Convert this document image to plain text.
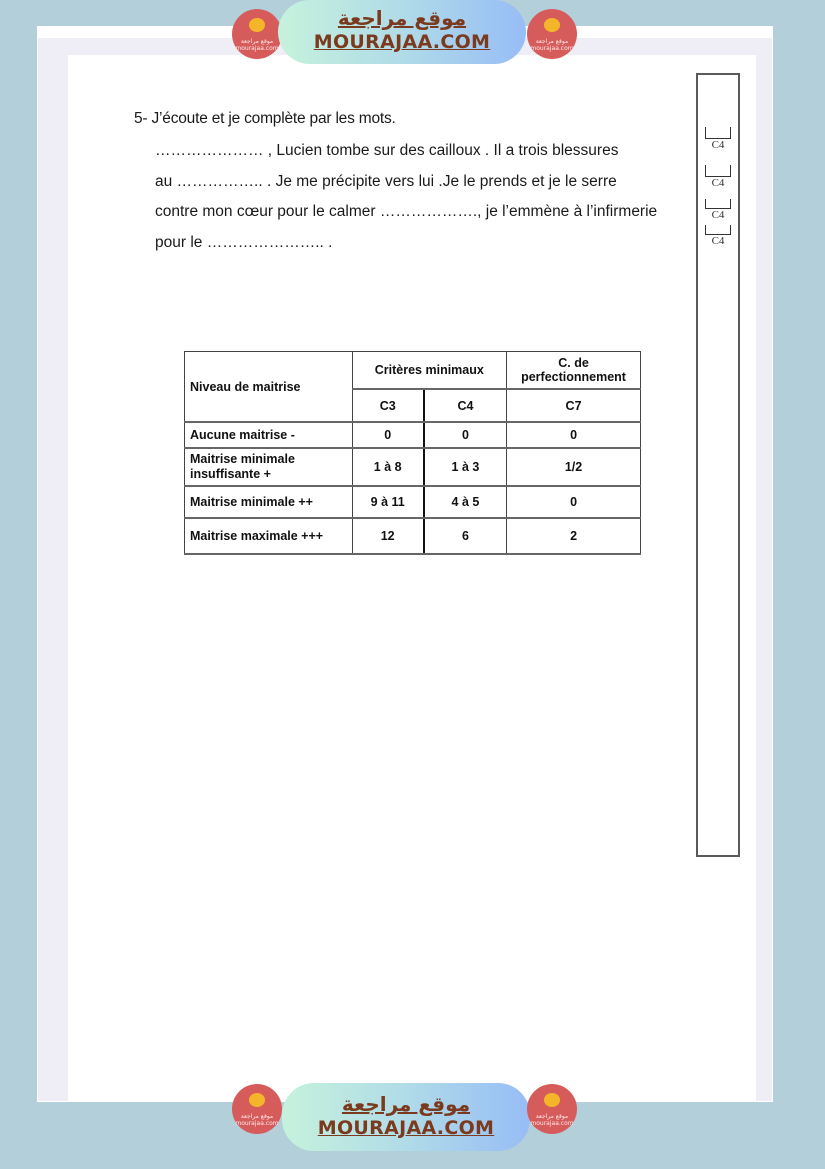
موقع مراجعة
mourajaa.com
موقع مراجعة
MOURAJAA.COM	موقع مراجعة
mourajaa.com
5- J’écoute et je complète par les mots.

………………… , Lucien tombe sur des cailloux . Il a trois blessures

au …………….. . Je me précipite vers lui .Je le prends et je le serre

contre mon cœur pour le calmer ………………., je l’emmène à l’infirmerie

pour le ………………….. .

C4
C4
C4
C4
Niveau de maitrise	Critères minimaux		C. de perfectionnement
	C3	C4	C7
Aucune maitrise -	0	0	0
Maitrise minimale insuffisante +	1 à 8	1 à 3	1/2
Maitrise minimale ++	9 à 11	4 à 5	0
Maitrise maximale +++	12	6	2
موقع مراجعة
mourajaa.com
موقع مراجعة
MOURAJAA.COM
موقع مراجعة
mourajaa.com
